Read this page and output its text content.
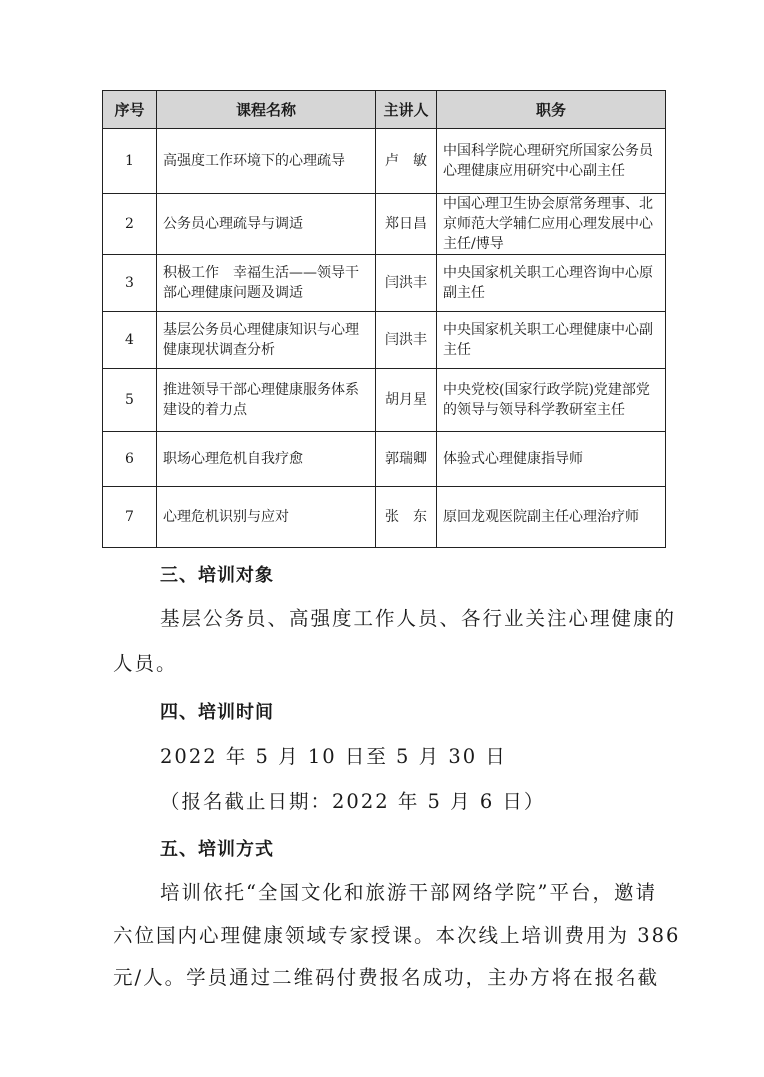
序号	课程名称	主讲人	职务
1	高强度工作环境下的心理疏导	卢　敏	中国科学院心理研究所国家公务员心理健康应用研究中心副主任
2	公务员心理疏导与调适	郑日昌	中国心理卫生协会原常务理事、北京师范大学辅仁应用心理发展中心主任/博导
3	积极工作　幸福生活——领导干部心理健康问题及调适	闫洪丰	中央国家机关职工心理咨询中心原副主任
4	基层公务员心理健康知识与心理健康现状调查分析	闫洪丰	中央国家机关职工心理健康中心副主任
5	推进领导干部心理健康服务体系建设的着力点	胡月星	中央党校(国家行政学院)党建部党的领导与领导科学教研室主任
6	职场心理危机自我疗愈	郭瑞卿	体验式心理健康指导师
7	心理危机识别与应对	张　东	原回龙观医院副主任心理治疗师
三、培训对象
基层公务员、高强度工作人员、各行业关注心理健康的
人员。
四、培训时间
2022 年 5 月 10 日至 5 月 30 日
（报名截止日期：2022 年 5 月 6 日）
五、培训方式
培训依托“全国文化和旅游干部网络学院”平台，邀请
六位国内心理健康领域专家授课。本次线上培训费用为 386
元/人。学员通过二维码付费报名成功，主办方将在报名截
